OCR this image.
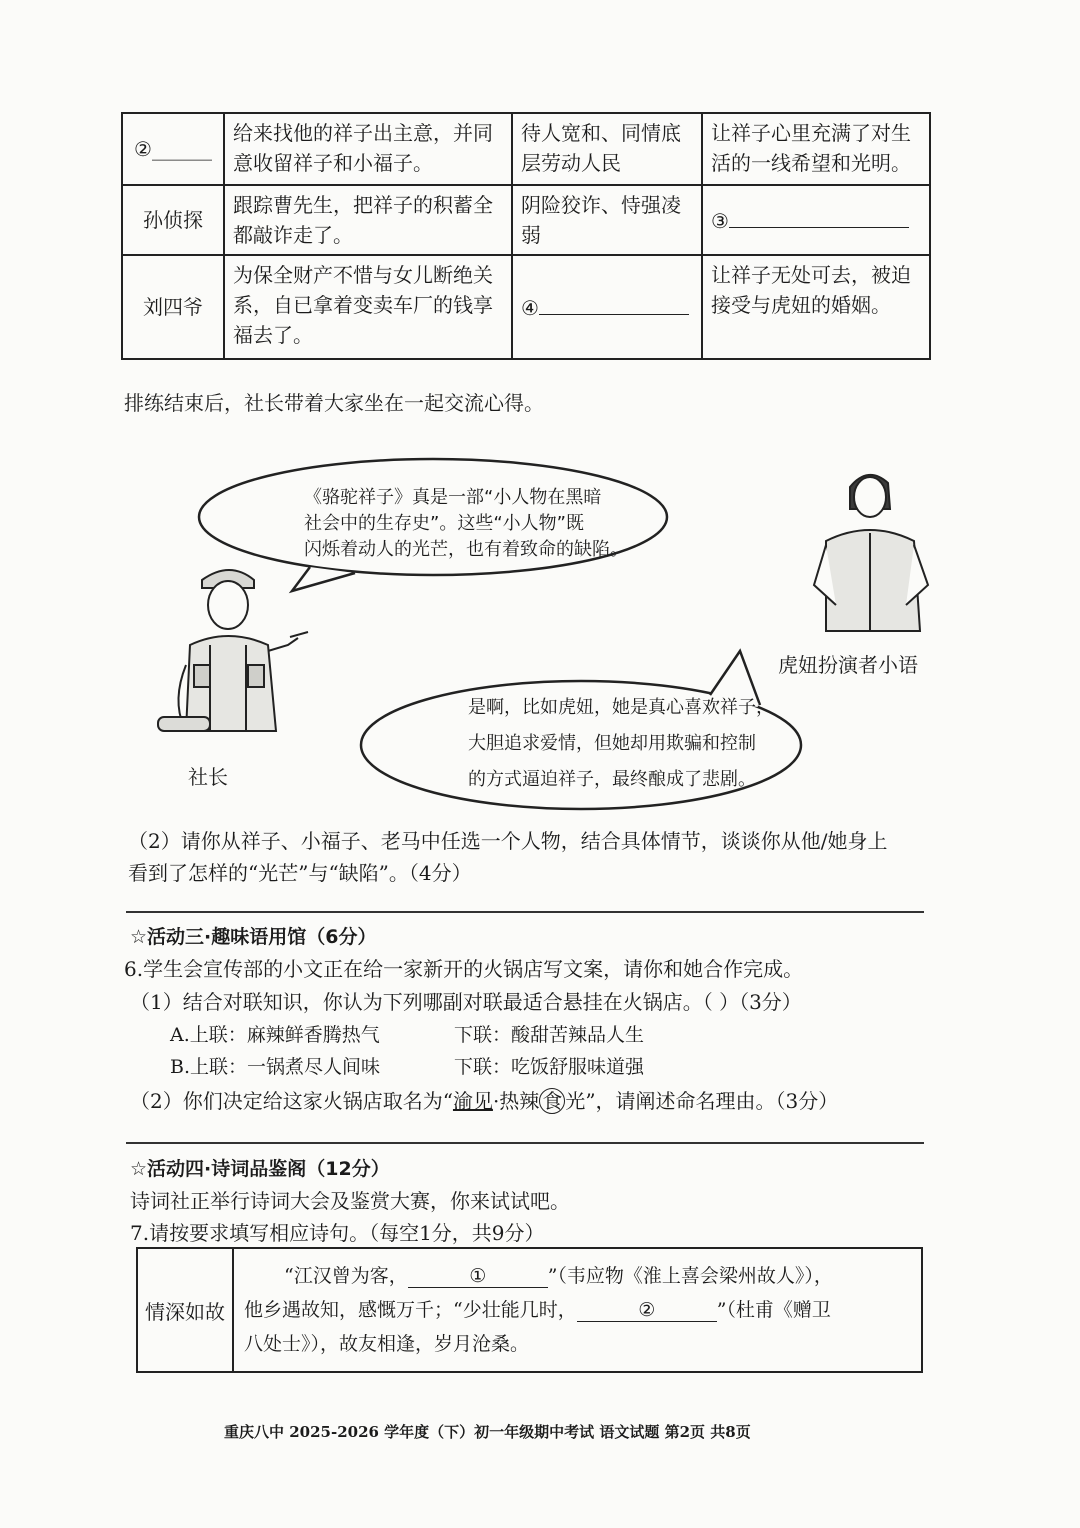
②______	给来找他的祥子出主意，并同意收留祥子和小福子。	待人宽和、同情底层劳动人民	让祥子心里充满了对生活的一线希望和光明。
孙侦探	跟踪曹先生，把祥子的积蓄全都敲诈走了。	阴险狡诈、恃强凌弱	③
刘四爷	为保全财产不惜与女儿断绝关系，自已拿着变卖车厂的钱享福去了。	④	让祥子无处可去，被迫接受与虎妞的婚姻。
排练结束后，社长带着大家坐在一起交流心得。
《骆驼祥子》真是一部“小人物在黑暗
社会中的生存史”。这些“小人物”既
闪烁着动人的光芒，也有着致命的缺陷。
是啊，比如虎妞，她是真心喜欢祥子，
大胆追求爱情，但她却用欺骗和控制
的方式逼迫祥子，最终酿成了悲剧。
虎妞扮演者小语
社长
（2）请你从祥子、小福子、老马中任选一个人物，结合具体情节，谈谈你从他/她身上
看到了怎样的“光芒”与“缺陷”。（4分）
☆活动三·趣味语用馆（6分）
6.学生会宣传部的小文正在给一家新开的火锅店写文案，请你和她合作完成。
（1）结合对联知识，你认为下列哪副对联最适合悬挂在火锅店。（ ）（3分）
A.上联：麻辣鲜香腾热气	下联：酸甜苦辣品人生
B.上联：一锅煮尽人间味	下联：吃饭舒服味道强
（2）你们决定给这家火锅店取名为“渝见·热辣 食 光”，请阐述命名理由。（3分）
☆活动四·诗词品鉴阁（12分）
诗词社正举行诗词大会及鉴赏大赛，你来试试吧。
7.请按要求填写相应诗句。（每空1分，共9分）
情深如故	
“江汉曾为客，	①	”（韦应物《淮上喜会梁州故人》），
他乡遇故知，感慨万千；“少壮能几时，	②	”（杜甫《赠卫
八处士》），故友相逢，岁月沧桑。
重庆八中 2025-2026 学年度（下）初一年级期中考试 语文试题 第2页 共8页
